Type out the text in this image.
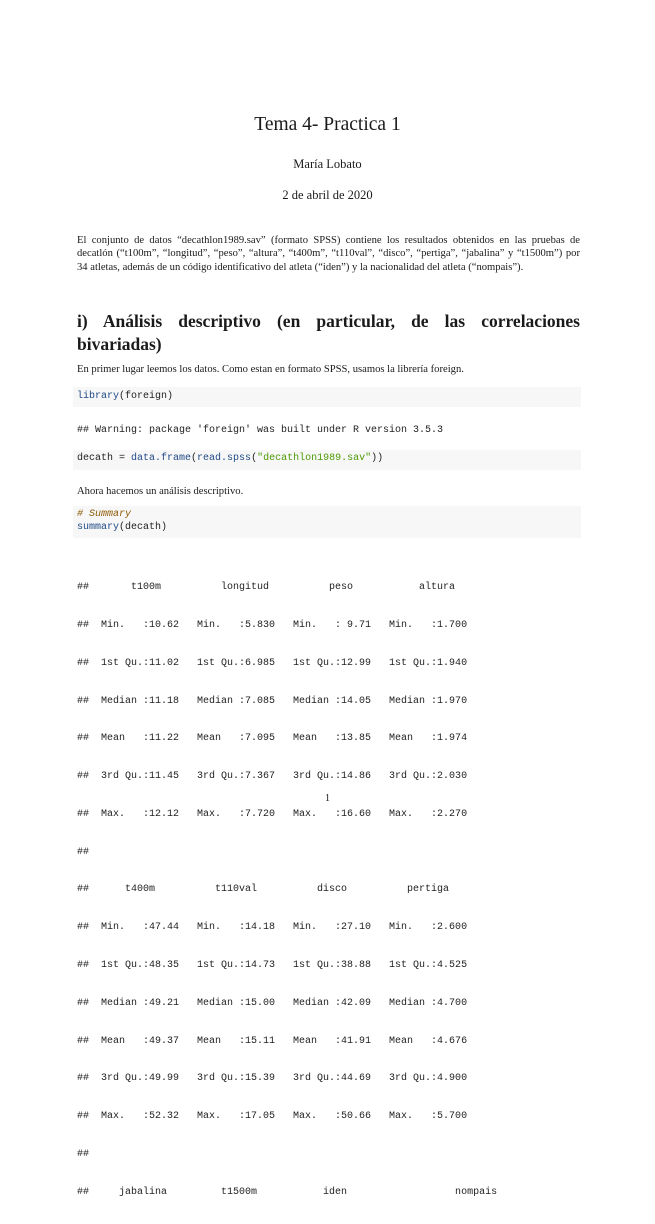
Tema 4- Practica 1
María Lobato
2 de abril de 2020
El conjunto de datos “decathlon1989.sav” (formato SPSS) contiene los resultados obtenidos en las pruebas de decatlón (“t100m”, “longitud”, “peso”, “altura”, “t400m”, “t110val”, “disco”, “pertiga”, “jabalina” y “t1500m”) por 34 atletas, además de un código identificativo del atleta (“iden”) y la nacionalidad del atleta (“nompais”).
i) Análisis descriptivo (en particular, de las correlaciones bivariadas)
En primer lugar leemos los datos. Como estan en formato SPSS, usamos la librería foreign.
library(foreign)
## Warning: package 'foreign' was built under R version 3.5.3
decath = data.frame(read.spss("decathlon1989.sav"))
Ahora hacemos un análisis descriptivo.
# Summary
summary(decath)

##       t100m          longitud          peso           altura

##  Min.   :10.62   Min.   :5.830   Min.   : 9.71   Min.   :1.700

##  1st Qu.:11.02   1st Qu.:6.985   1st Qu.:12.99   1st Qu.:1.940

##  Median :11.18   Median :7.085   Median :14.05   Median :1.970

##  Mean   :11.22   Mean   :7.095   Mean   :13.85   Mean   :1.974

##  3rd Qu.:11.45   3rd Qu.:7.367   3rd Qu.:14.86   3rd Qu.:2.030

##  Max.   :12.12   Max.   :7.720   Max.   :16.60   Max.   :2.270

##

##      t400m          t110val          disco          pertiga

##  Min.   :47.44   Min.   :14.18   Min.   :27.10   Min.   :2.600

##  1st Qu.:48.35   1st Qu.:14.73   1st Qu.:38.88   1st Qu.:4.525

##  Median :49.21   Median :15.00   Median :42.09   Median :4.700

##  Mean   :49.37   Mean   :15.11   Mean   :41.91   Mean   :4.676

##  3rd Qu.:49.99   3rd Qu.:15.39   3rd Qu.:44.69   3rd Qu.:4.900

##  Max.   :52.32   Max.   :17.05   Max.   :50.66   Max.   :5.700

##

##     jabalina         t1500m           iden                  nompais

1
